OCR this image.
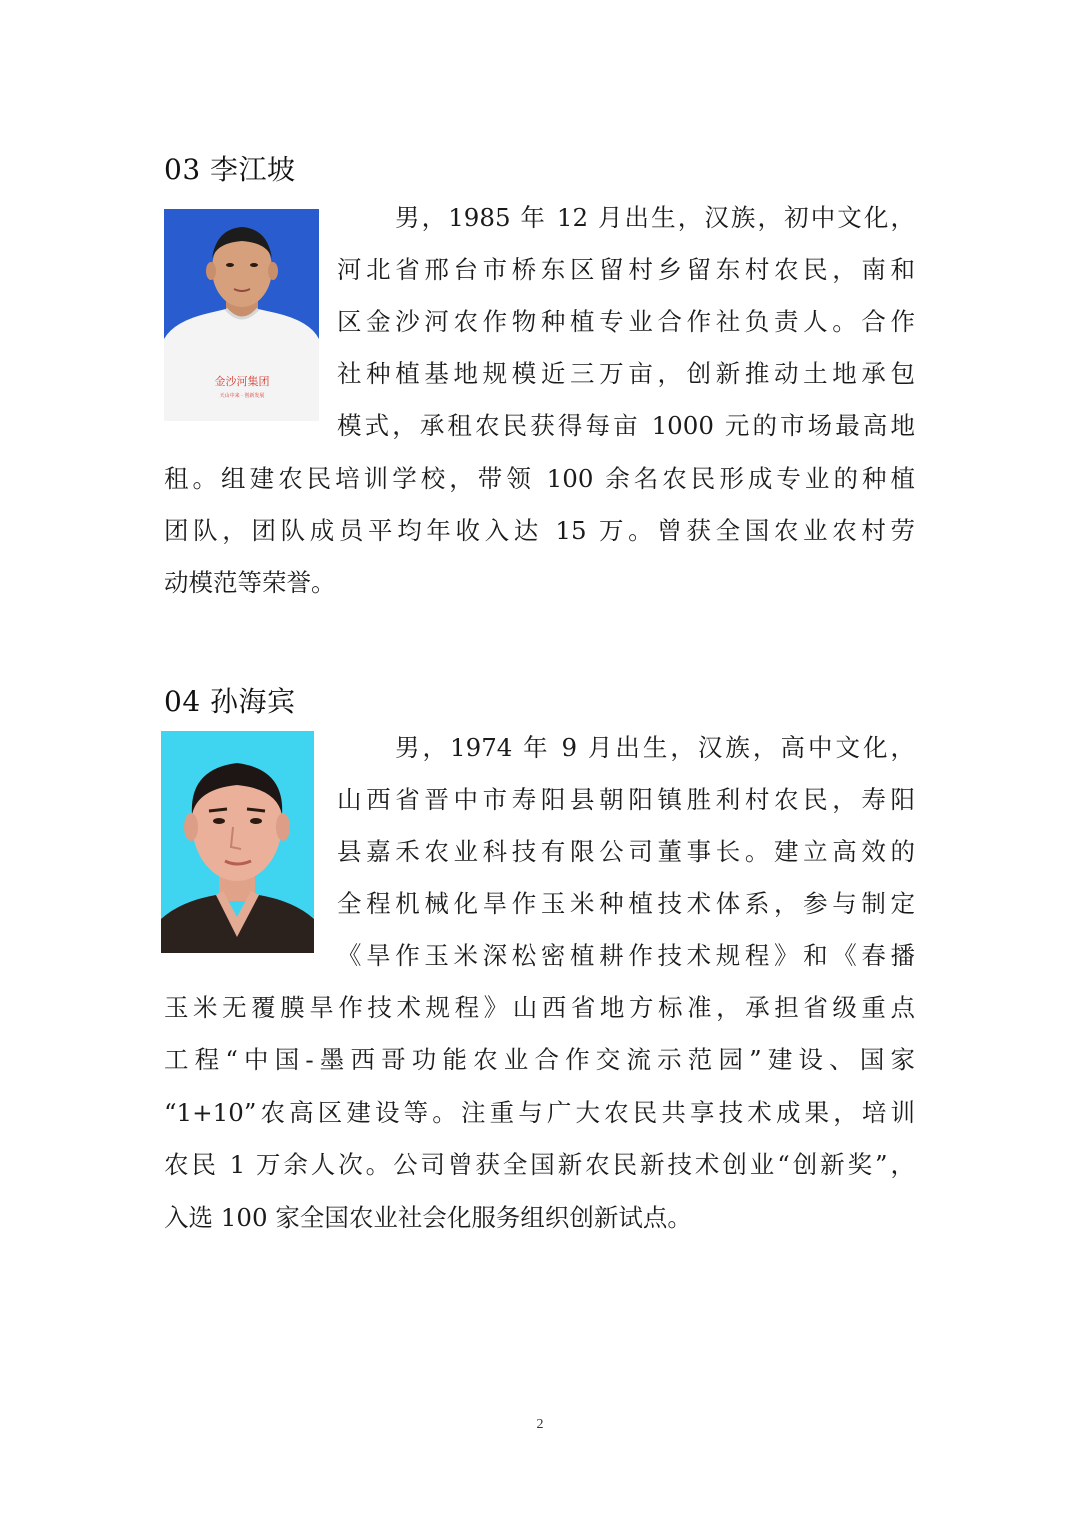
03 李江坡
金沙河集团
天山中来 · 创新发展
男，1985 年 12 月出生，汉族，初中文化，
河北省邢台市桥东区留村乡留东村农民，南和
区金沙河农作物种植专业合作社负责人。合作
社种植基地规模近三万亩，创新推动土地承包
模式，承租农民获得每亩 1000 元的市场最高地
租。组建农民培训学校，带领 100 余名农民形成专业的种植
团队，团队成员平均年收入达 15 万。曾获全国农业农村劳
动模范等荣誉。
04 孙海宾
男，1974 年 9 月出生，汉族，高中文化，
山西省晋中市寿阳县朝阳镇胜利村农民，寿阳
县嘉禾农业科技有限公司董事长。建立高效的
全程机械化旱作玉米种植技术体系，参与制定
《旱作玉米深松密植耕作技术规程》和《春播
玉米无覆膜旱作技术规程》山西省地方标准，承担省级重点
工程“中国-墨西哥功能农业合作交流示范园”建设、国家
“1+10”农高区建设等。注重与广大农民共享技术成果，培训
农民 1 万余人次。公司曾获全国新农民新技术创业“创新奖”，
入选 100 家全国农业社会化服务组织创新试点。
2
